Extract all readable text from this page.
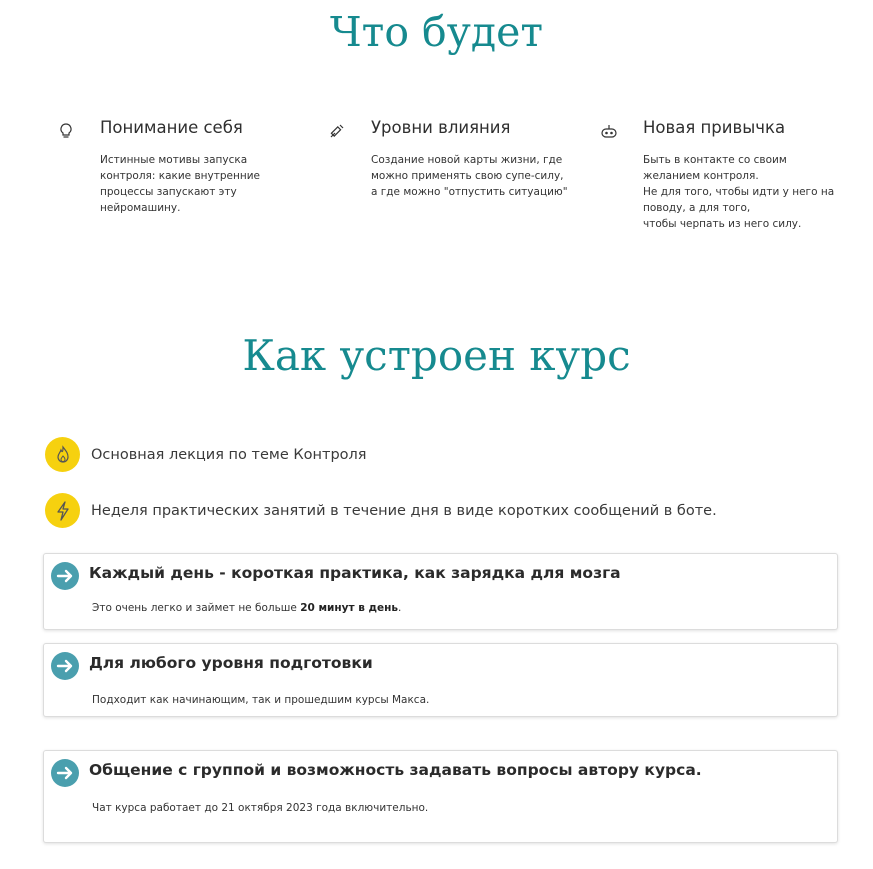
Что будет
Понимание себя
Истинные мотивы запуска
контроля: какие внутренние
процессы запускают эту
нейромашину.
Уровни влияния
Создание новой карты жизни, где
можно применять свою супе-силу,
а где можно "отпустить ситуацию"
Новая привычка
Быть в контакте со своим
желанием контроля.
Не для того, чтобы идти у него на
поводу, а для того,
чтобы черпать из него силу.
Как устроен курс
Основная лекция по теме Контроля
Неделя практических занятий в течение дня в виде коротких сообщений в боте.
Каждый день - короткая практика, как зарядка для мозга
Это очень легко и займет не больше 20 минут в день.
Для любого уровня подготовки
Подходит как начинающим, так и прошедшим курсы Макса.
Общение с группой и возможность задавать вопросы автору курса.
Чат курса работает до 21 октября 2023 года включительно.
